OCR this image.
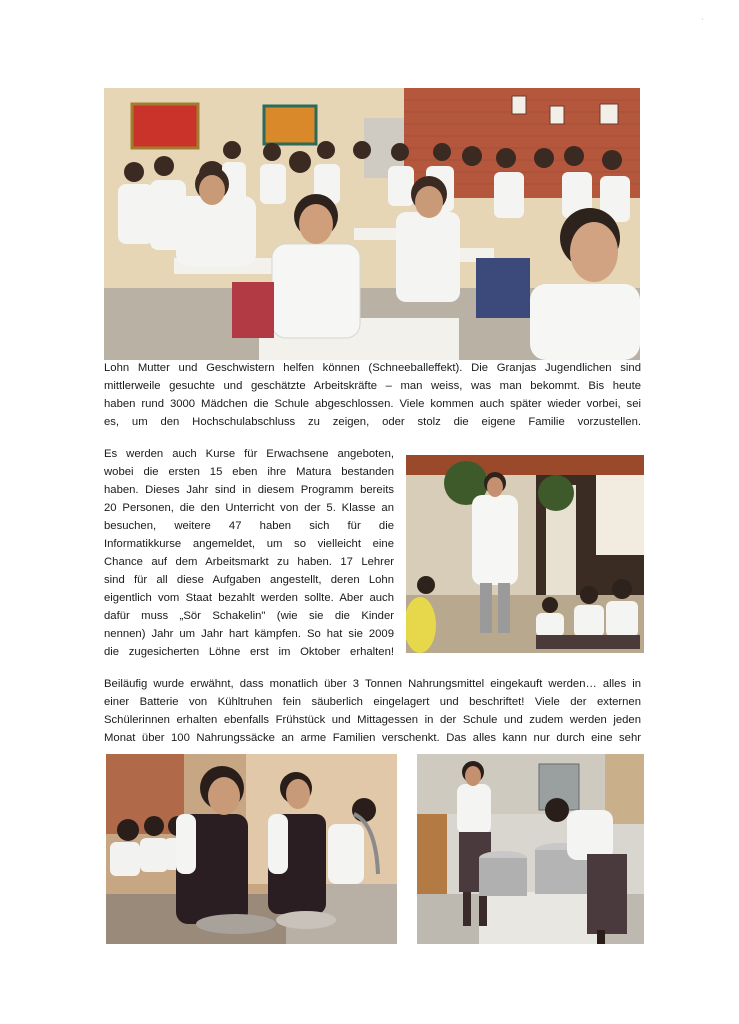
ˎ

Lohn Mutter und Geschwistern helfen können (Schneeballeffekt). Die Granjas Jugendlichen sind
mittlerweile gesuchte und geschätzte Arbeitskräfte – man weiss, was man bekommt. Bis heute
haben rund 3000 Mädchen die Schule abgeschlossen. Viele kommen auch später wieder vorbei, sei
es, um den Hochschulabschluss zu zeigen, oder stolz die eigene Familie vorzustellen.

Es werden auch Kurse für Erwachsene angeboten,
wobei die ersten 15 eben ihre Matura bestanden
haben. Dieses Jahr sind in diesem Programm bereits
20 Personen, die den Unterricht von der 5. Klasse an
besuchen, weitere 47 haben sich für die
Informatikkurse angemeldet, um so vielleicht eine
Chance auf dem Arbeitsmarkt zu haben. 17 Lehrer
sind für all diese Aufgaben angestellt, deren Lohn
eigentlich vom Staat bezahlt werden sollte. Aber auch
dafür muss „Sör Schakelin" (wie sie die Kinder
nennen) Jahr um Jahr hart kämpfen. So hat sie 2009
die zugesicherten Löhne erst im Oktober erhalten!

Beiläufig wurde erwähnt, dass monatlich über 3 Tonnen Nahrungsmittel eingekauft werden… alles in
einer Batterie von Kühltruhen fein säuberlich eingelagert und beschriftet! Viele der externen
Schülerinnen erhalten ebenfalls Frühstück und Mittagessen in der Schule und zudem werden jeden
Monat über 100 Nahrungssäcke an arme Familien verschenkt. Das alles kann nur durch eine sehr
